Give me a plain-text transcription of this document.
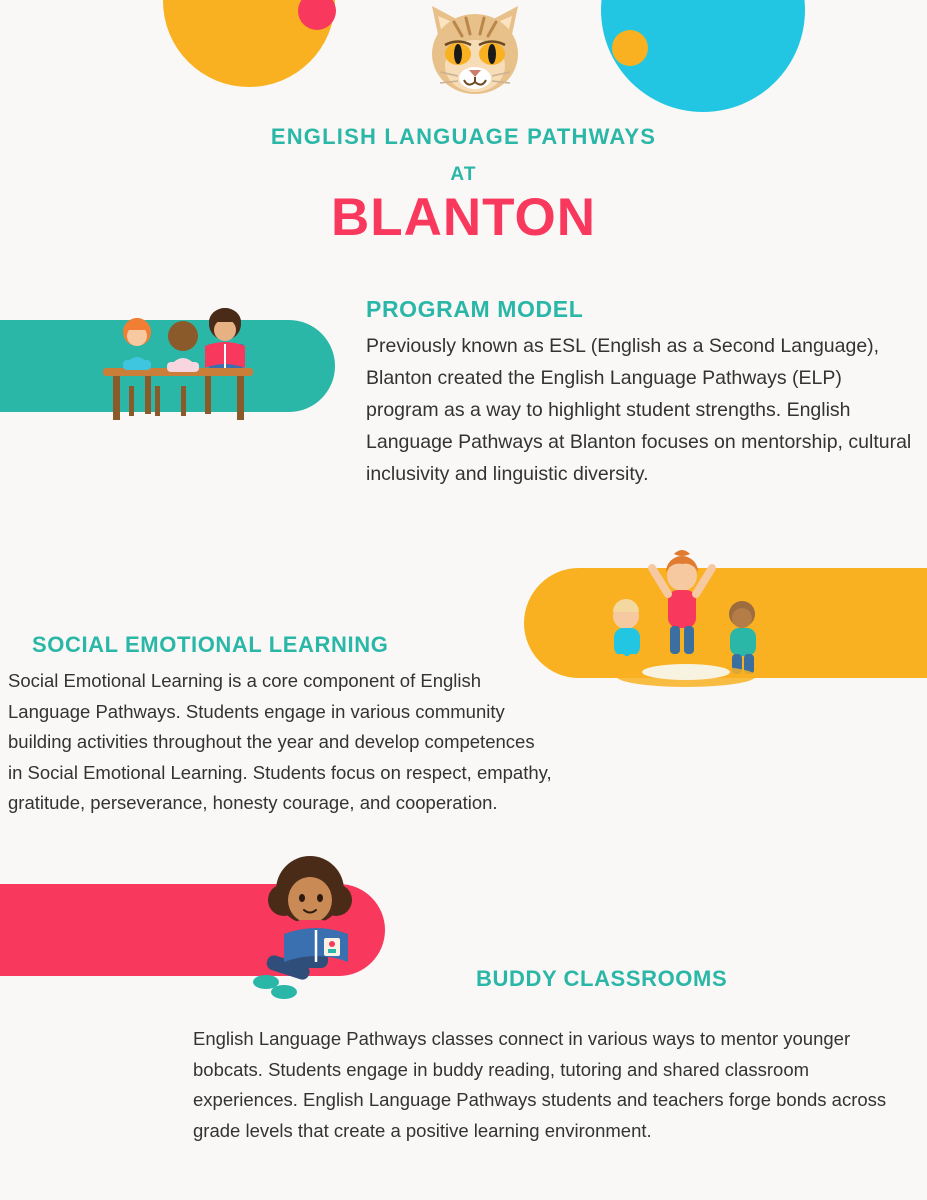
ENGLISH LANGUAGE PATHWAYS
AT
BLANTON
PROGRAM MODEL
Previously known as ESL (English as a Second Language), Blanton created the English Language Pathways (ELP) program as a way to highlight student strengths. English Language Pathways at Blanton focuses on mentorship, cultural inclusivity and linguistic diversity.
SOCIAL EMOTIONAL LEARNING
Social Emotional Learning is a core component of English Language Pathways. Students engage in various community building activities throughout the year and develop competences in Social Emotional Learning. Students focus on respect, empathy, gratitude, perseverance, honesty courage, and cooperation.
BUDDY CLASSROOMS
English Language Pathways classes connect in various ways to mentor younger bobcats. Students engage in buddy reading, tutoring and shared classroom experiences. English Language Pathways students and teachers forge bonds across grade levels that create a positive learning environment.
